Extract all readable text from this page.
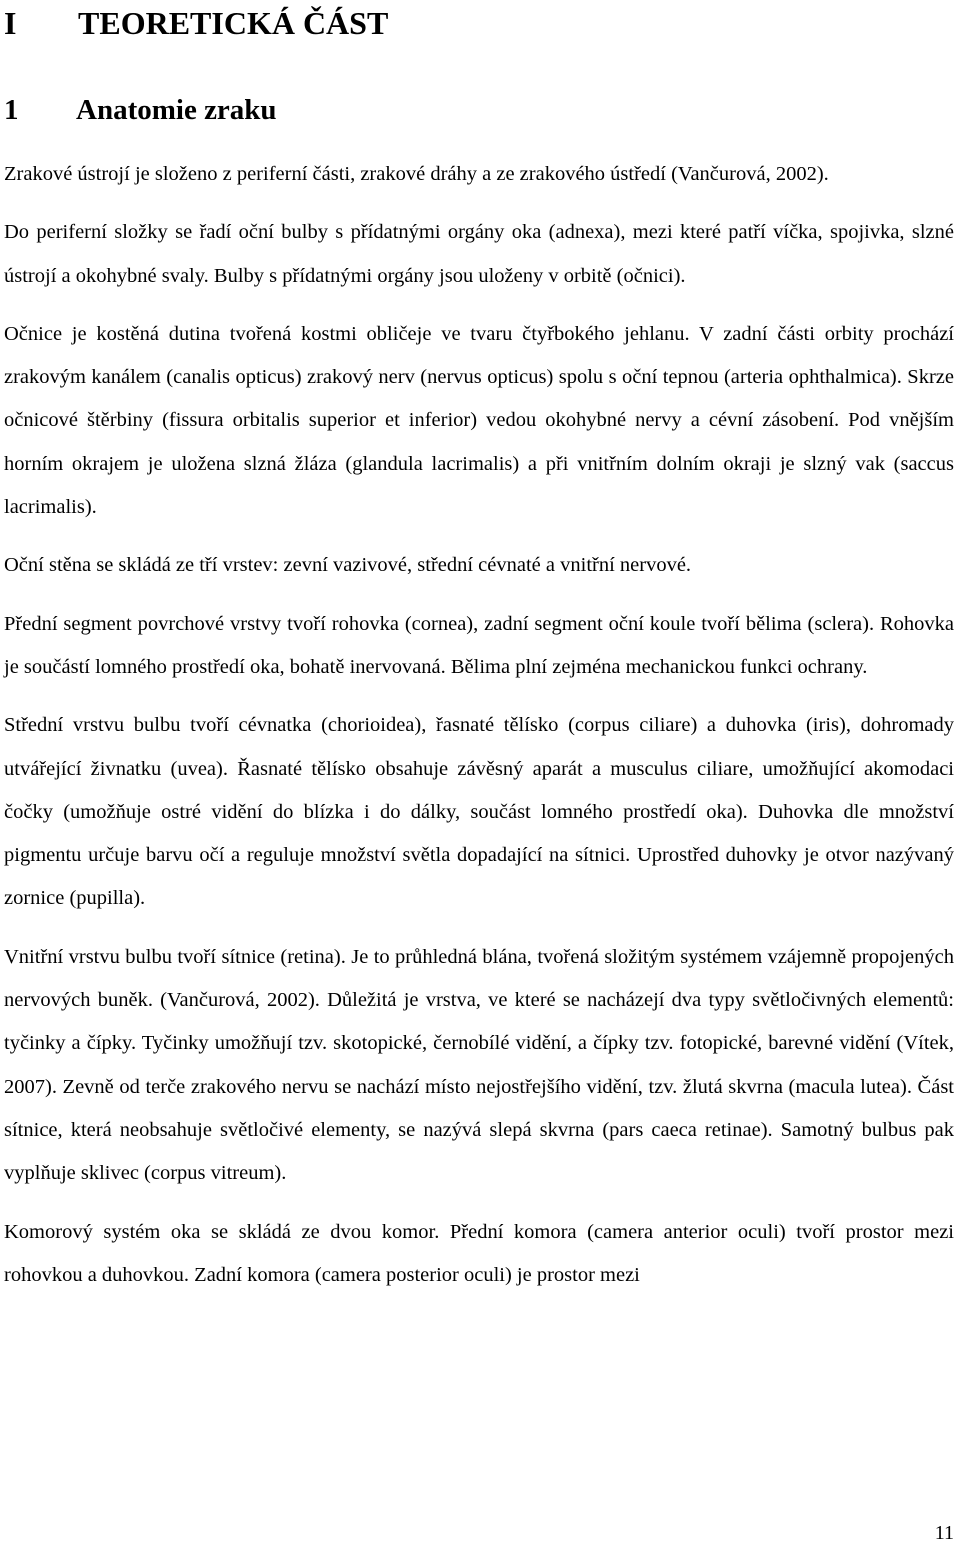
I	TEORETICKÁ ČÁST
1	Anatomie zraku

Zrakové ústrojí je složeno z periferní části, zrakové dráhy a ze zrakového ústředí (Vančurová, 2002).

Do periferní složky se řadí oční bulby s přídatnými orgány oka (adnexa), mezi které patří víčka, spojivka, slzné ústrojí a okohybné svaly. Bulby s přídatnými orgány jsou uloženy v orbitě (očnici).

Očnice je kostěná dutina tvořená kostmi obličeje ve tvaru čtyřbokého jehlanu. V zadní části orbity prochází zrakovým kanálem (canalis opticus) zrakový nerv (nervus opticus) spolu s oční tepnou (arteria ophthalmica). Skrze očnicové štěrbiny (fissura orbitalis superior et inferior) vedou okohybné nervy a cévní zásobení. Pod vnějším horním okrajem je uložena slzná žláza (glandula lacrimalis) a při vnitřním dolním okraji je slzný vak (saccus lacrimalis).

Oční stěna se skládá ze tří vrstev: zevní vazivové, střední cévnaté a vnitřní nervové.

Přední segment povrchové vrstvy tvoří rohovka (cornea), zadní segment oční koule tvoří bělima (sclera). Rohovka je součástí lomného prostředí oka, bohatě inervovaná. Bělima plní zejména mechanickou funkci ochrany.

Střední vrstvu bulbu tvoří cévnatka (chorioidea), řasnaté tělísko (corpus ciliare) a duhovka (iris), dohromady utvářející živnatku (uvea). Řasnaté tělísko obsahuje závěsný aparát a musculus ciliare, umožňující akomodaci čočky (umožňuje ostré vidění do blízka i do dálky, součást lomného prostředí oka). Duhovka dle množství pigmentu určuje barvu očí a reguluje množství světla dopadající na sítnici. Uprostřed duhovky je otvor nazývaný zornice (pupilla).

Vnitřní vrstvu bulbu tvoří sítnice (retina). Je to průhledná blána, tvořená složitým systémem vzájemně propojených nervových buněk. (Vančurová, 2002). Důležitá je vrstva, ve které se nacházejí dva typy světločivných elementů: tyčinky a čípky. Tyčinky umožňují tzv. skotopické, černobílé vidění, a čípky tzv. fotopické, barevné vidění (Vítek, 2007). Zevně od terče zrakového nervu se nachází místo nejostřejšího vidění, tzv. žlutá skvrna (macula lutea). Část sítnice, která neobsahuje světločivé elementy, se nazývá slepá skvrna (pars caeca retinae). Samotný bulbus pak vyplňuje sklivec (corpus vitreum).

Komorový systém oka se skládá ze dvou komor. Přední komora (camera anterior oculi) tvoří prostor mezi rohovkou a duhovkou. Zadní komora (camera posterior oculi) je prostor mezi

11
